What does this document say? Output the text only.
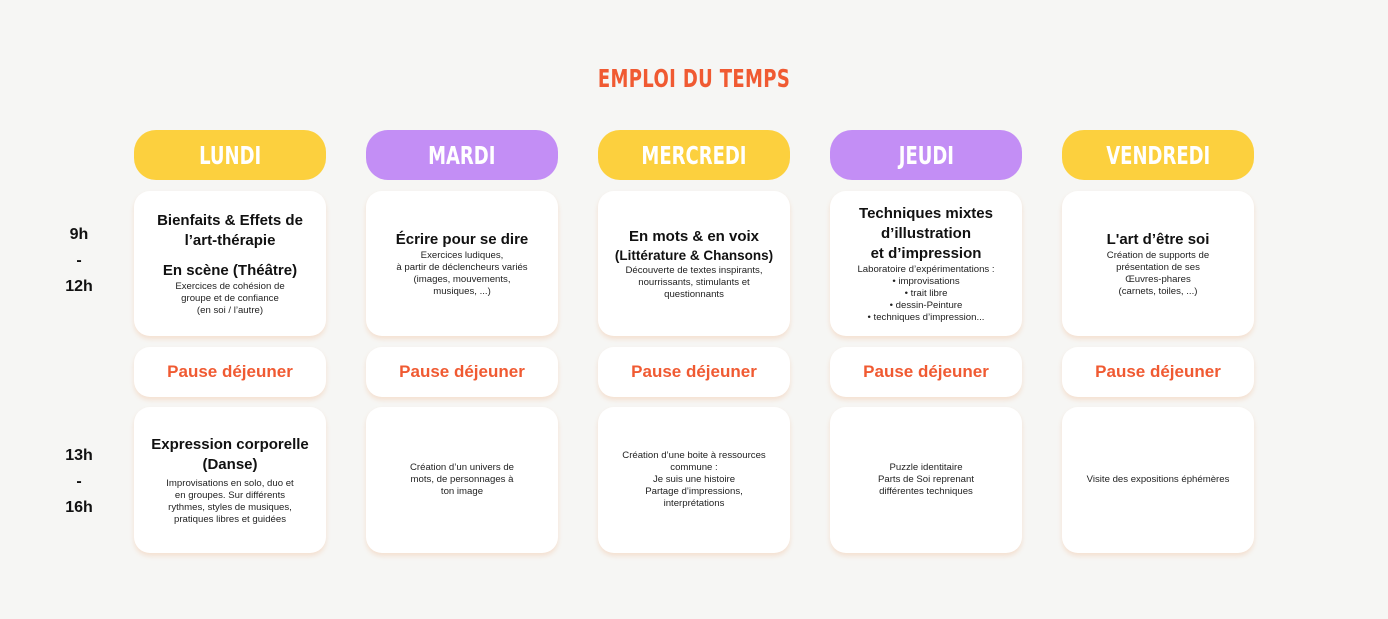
EMPLOI DU TEMPS
9h
-
12h
13h
-
16h
LUNDI
Bienfaits & Effets de
l’art-thérapie
En scène (Théâtre)
Exercices de cohésion de
groupe et de confiance
(en soi / l’autre)
Pause déjeuner
Expression corporelle
(Danse)
Improvisations en solo, duo et
en groupes. Sur différents
rythmes, styles de musiques,
pratiques libres et guidées
MARDI
Écrire pour se dire
Exercices ludiques,
à partir de déclencheurs variés
(images, mouvements,
musiques, ...)
Pause déjeuner
Création d’un univers de
mots, de personnages à
ton image
MERCREDI
En mots & en voix
(Littérature & Chansons)
Découverte de textes inspirants,
nourrissants, stimulants et
questionnants
Pause déjeuner
Création d’une boite à ressources
commune :
Je suis une histoire
Partage d’impressions,
interprétations
JEUDI
Techniques mixtes
d’illustration
et d’impression
Laboratoire d’expérimentations :
• improvisations
• trait libre
• dessin-Peinture
• techniques d’impression...
Pause déjeuner
Puzzle identitaire
Parts de Soi reprenant
différentes techniques
VENDREDI
L'art d’être soi
Création de supports de
présentation de ses
Œuvres-phares
(carnets, toiles, ...)
Pause déjeuner
Visite des expositions éphémères
